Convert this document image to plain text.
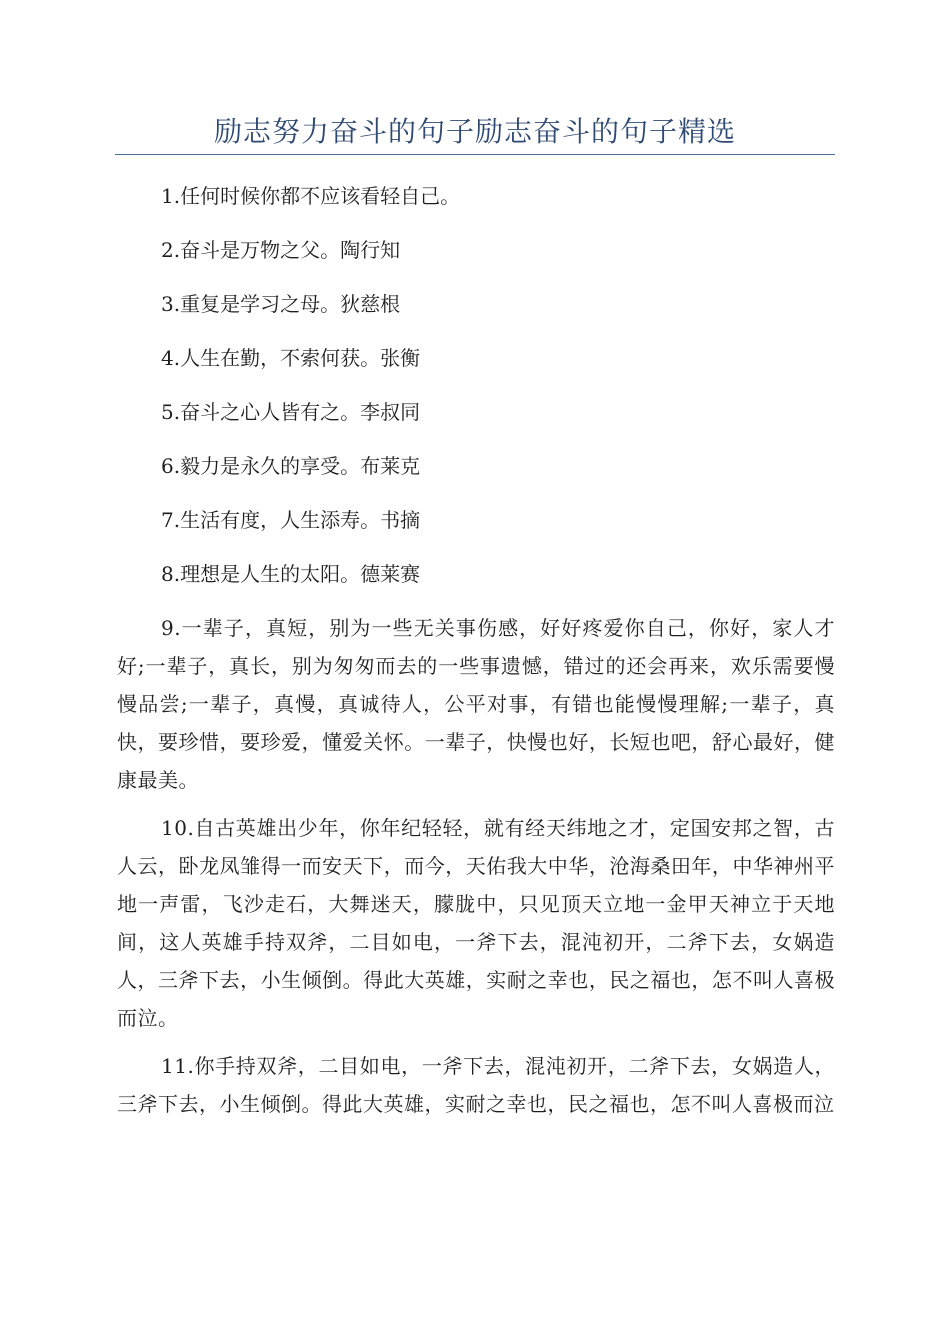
励志努力奋斗的句子励志奋斗的句子精选

1.任何时候你都不应该看轻自己。

2.奋斗是万物之父。陶行知

3.重复是学习之母。狄慈根

4.人生在勤，不索何获。张衡

5.奋斗之心人皆有之。李叔同

6.毅力是永久的享受。布莱克

7.生活有度，人生添寿。书摘

8.理想是人生的太阳。德莱赛

9.一辈子，真短，别为一些无关事伤感，好好疼爱你自己，你好，家人才好;一辈子，真长，别为匆匆而去的一些事遗憾，错过的还会再来，欢乐需要慢慢品尝;一辈子，真慢，真诚待人，公平对事，有错也能慢慢理解;一辈子，真快，要珍惜，要珍爱，懂爱关怀。一辈子，快慢也好，长短也吧，舒心最好，健康最美。

10.自古英雄出少年，你年纪轻轻，就有经天纬地之才，定国安邦之智，古人云，卧龙凤雏得一而安天下，而今，天佑我大中华，沧海桑田年，中华神州平地一声雷，飞沙走石，大舞迷天，朦胧中，只见顶天立地一金甲天神立于天地间，这人英雄手持双斧，二目如电，一斧下去，混沌初开，二斧下去，女娲造人，三斧下去，小生倾倒。得此大英雄，实耐之幸也，民之福也，怎不叫人喜极而泣。

11.你手持双斧，二目如电，一斧下去，混沌初开，二斧下去，女娲造人，三斧下去，小生倾倒。得此大英雄，实耐之幸也，民之福也，怎不叫人喜极而泣
